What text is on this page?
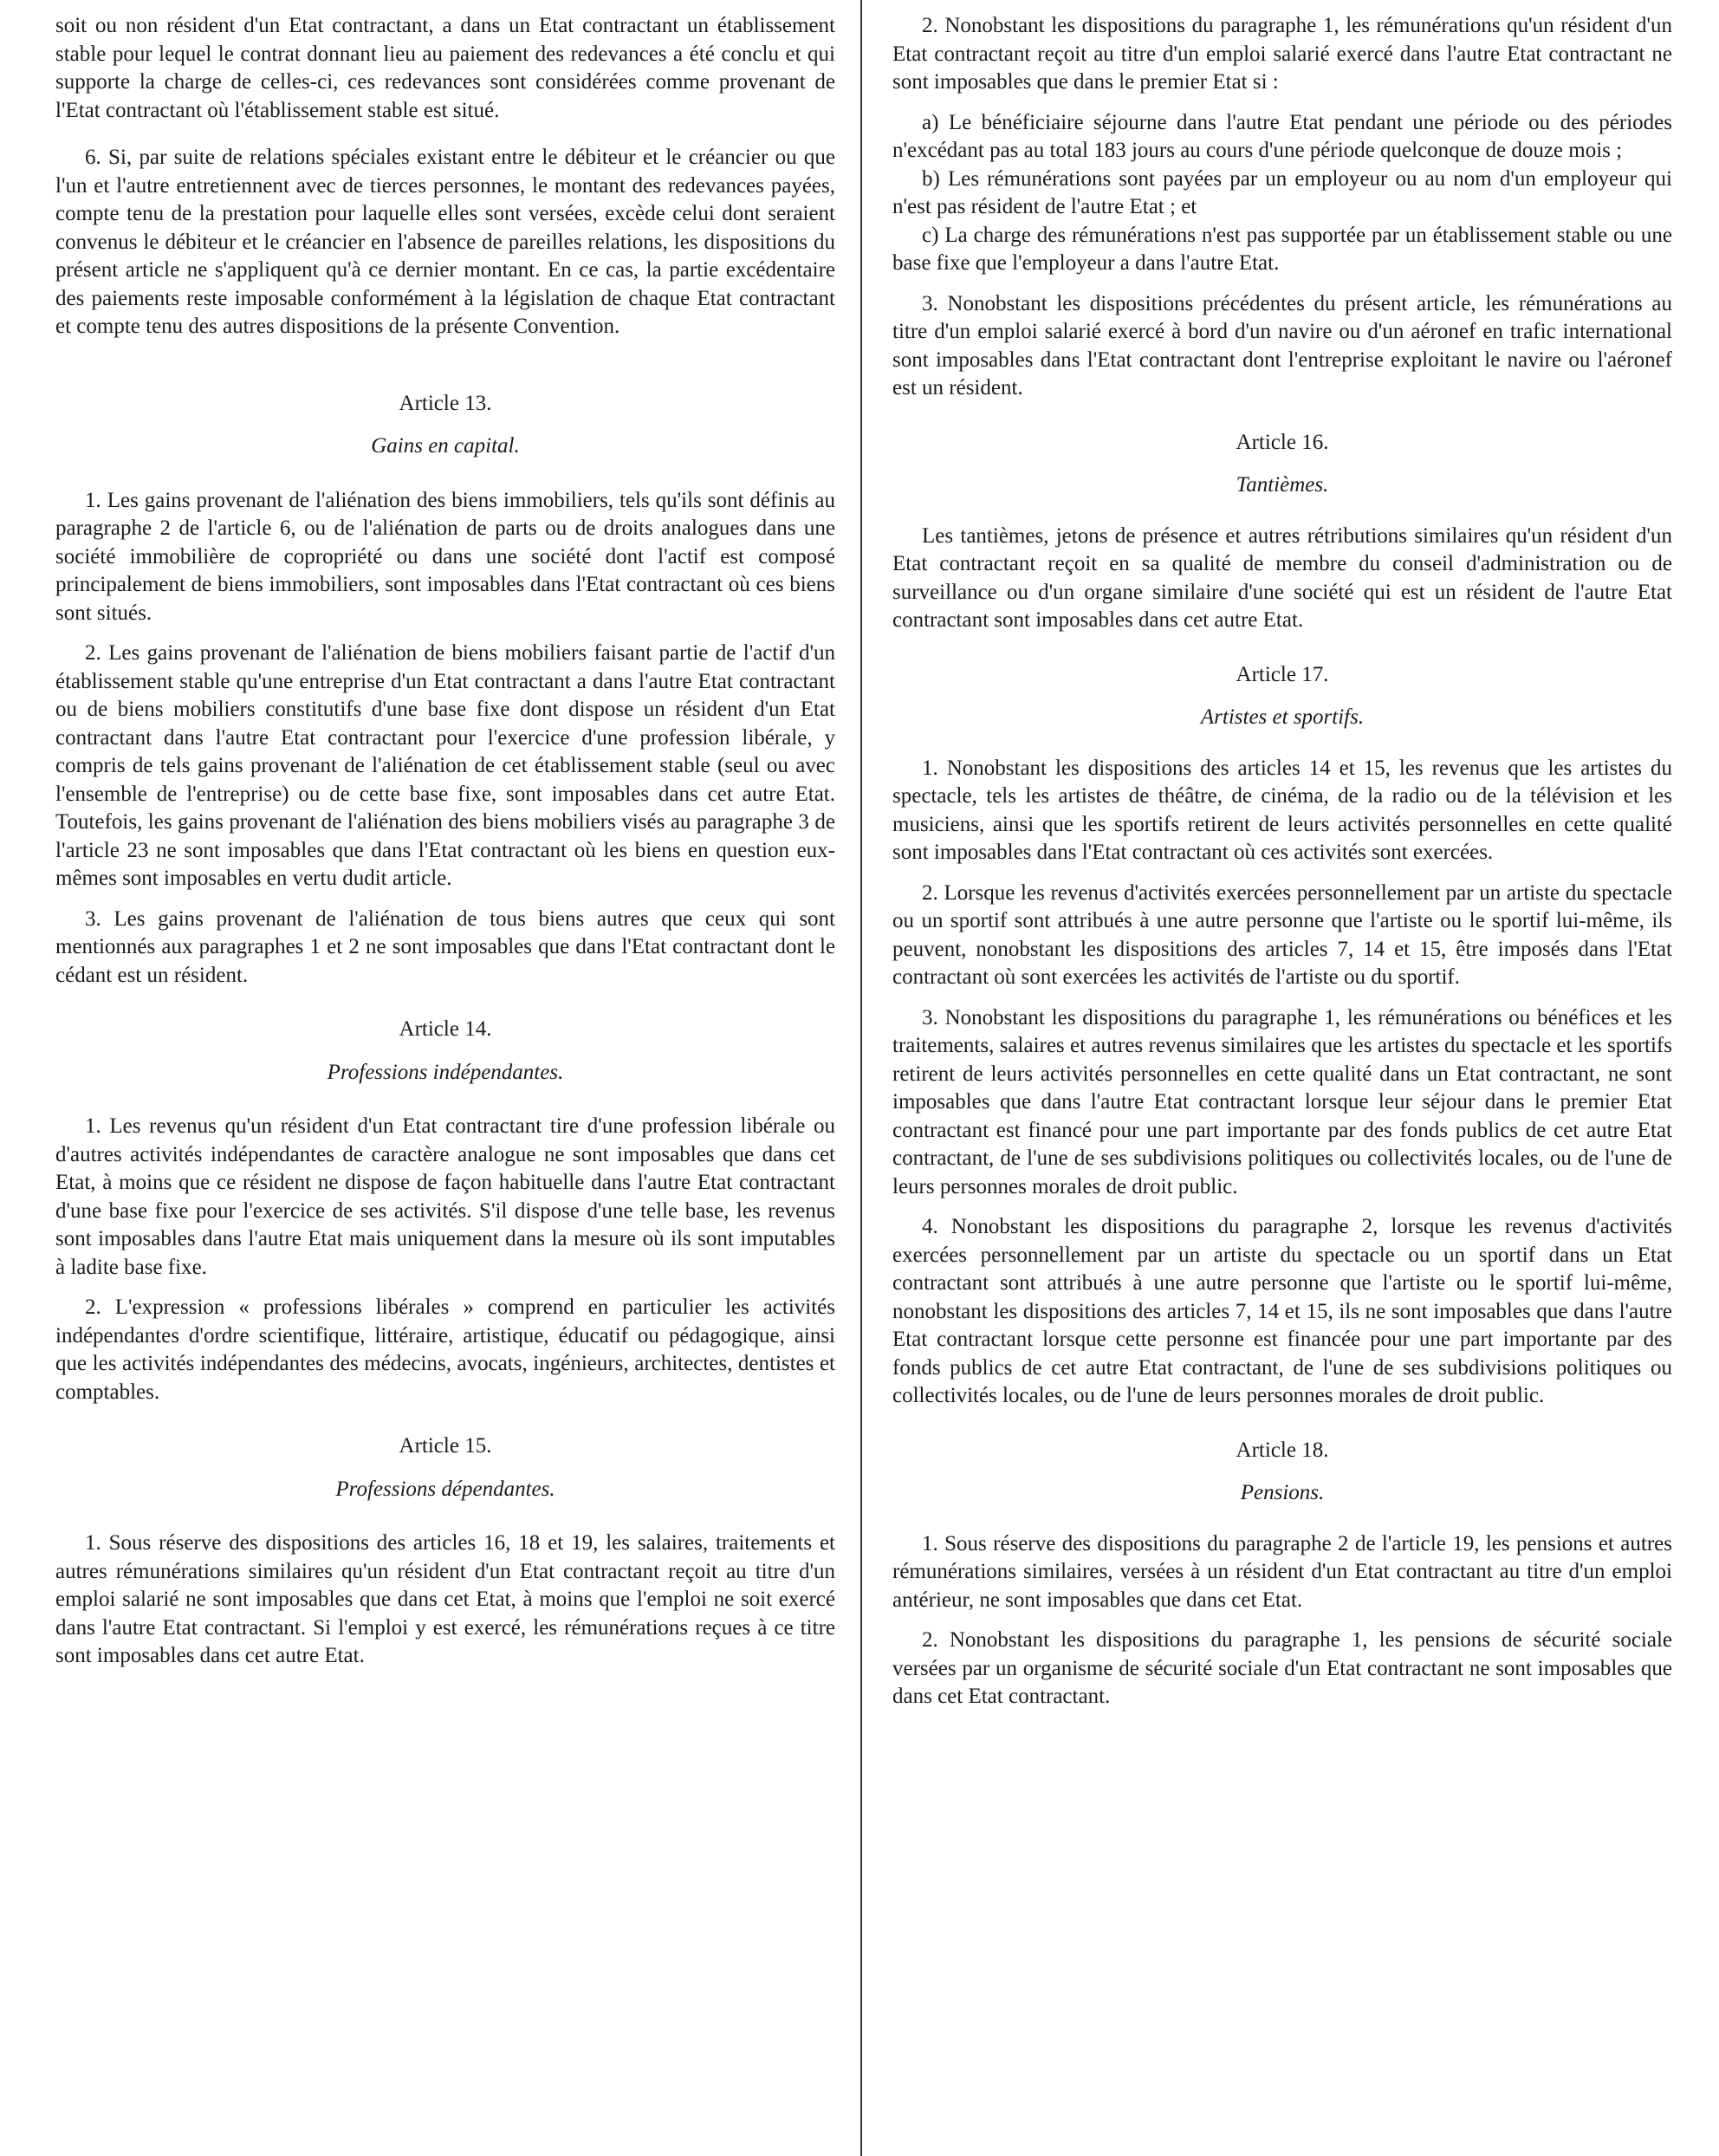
soit ou non résident d'un Etat contractant, a dans un Etat contractant un établissement stable pour lequel le contrat donnant lieu au paiement des redevances a été conclu et qui supporte la charge de celles-ci, ces redevances sont considérées comme provenant de l'Etat contractant où l'établissement stable est situé.

6. Si, par suite de relations spéciales existant entre le débiteur et le créancier ou que l'un et l'autre entretiennent avec de tierces personnes, le montant des redevances payées, compte tenu de la prestation pour laquelle elles sont versées, excède celui dont seraient convenus le débiteur et le créancier en l'absence de pareilles relations, les dispositions du présent article ne s'appliquent qu'à ce dernier montant. En ce cas, la partie excédentaire des paiements reste imposable conformément à la législation de chaque Etat contractant et compte tenu des autres dispositions de la présente Convention.

Article 13.

Gains en capital.

1. Les gains provenant de l'aliénation des biens immobiliers, tels qu'ils sont définis au paragraphe 2 de l'article 6, ou de l'aliénation de parts ou de droits analogues dans une société immobilière de copropriété ou dans une société dont l'actif est composé principalement de biens immobiliers, sont imposables dans l'Etat contractant où ces biens sont situés.

2. Les gains provenant de l'aliénation de biens mobiliers faisant partie de l'actif d'un établissement stable qu'une entreprise d'un Etat contractant a dans l'autre Etat contractant ou de biens mobiliers constitutifs d'une base fixe dont dispose un résident d'un Etat contractant dans l'autre Etat contractant pour l'exercice d'une profession libérale, y compris de tels gains provenant de l'aliénation de cet établissement stable (seul ou avec l'ensemble de l'entreprise) ou de cette base fixe, sont imposables dans cet autre Etat. Toutefois, les gains provenant de l'aliénation des biens mobiliers visés au paragraphe 3 de l'article 23 ne sont imposables que dans l'Etat contractant où les biens en question eux-mêmes sont imposables en vertu dudit article.

3. Les gains provenant de l'aliénation de tous biens autres que ceux qui sont mentionnés aux paragraphes 1 et 2 ne sont imposables que dans l'Etat contractant dont le cédant est un résident.

Article 14.

Professions indépendantes.

1. Les revenus qu'un résident d'un Etat contractant tire d'une profession libérale ou d'autres activités indépendantes de caractère analogue ne sont imposables que dans cet Etat, à moins que ce résident ne dispose de façon habituelle dans l'autre Etat contractant d'une base fixe pour l'exercice de ses activités. S'il dispose d'une telle base, les revenus sont imposables dans l'autre Etat mais uniquement dans la mesure où ils sont imputables à ladite base fixe.

2. L'expression « professions libérales » comprend en particulier les activités indépendantes d'ordre scientifique, littéraire, artistique, éducatif ou pédagogique, ainsi que les activités indépendantes des médecins, avocats, ingénieurs, architectes, dentistes et comptables.

Article 15.

Professions dépendantes.

1. Sous réserve des dispositions des articles 16, 18 et 19, les salaires, traitements et autres rémunérations similaires qu'un résident d'un Etat contractant reçoit au titre d'un emploi salarié ne sont imposables que dans cet Etat, à moins que l'emploi ne soit exercé dans l'autre Etat contractant. Si l'emploi y est exercé, les rémunérations reçues à ce titre sont imposables dans cet autre Etat.

2. Nonobstant les dispositions du paragraphe 1, les rémunérations qu'un résident d'un Etat contractant reçoit au titre d'un emploi salarié exercé dans l'autre Etat contractant ne sont imposables que dans le premier Etat si :

a) Le bénéficiaire séjourne dans l'autre Etat pendant une période ou des périodes n'excédant pas au total 183 jours au cours d'une période quelconque de douze mois ;

b) Les rémunérations sont payées par un employeur ou au nom d'un employeur qui n'est pas résident de l'autre Etat ; et

c) La charge des rémunérations n'est pas supportée par un établissement stable ou une base fixe que l'employeur a dans l'autre Etat.

3. Nonobstant les dispositions précédentes du présent article, les rémunérations au titre d'un emploi salarié exercé à bord d'un navire ou d'un aéronef en trafic international sont imposables dans l'Etat contractant dont l'entreprise exploitant le navire ou l'aéronef est un résident.

Article 16.

Tantièmes.

Les tantièmes, jetons de présence et autres rétributions similaires qu'un résident d'un Etat contractant reçoit en sa qualité de membre du conseil d'administration ou de surveillance ou d'un organe similaire d'une société qui est un résident de l'autre Etat contractant sont imposables dans cet autre Etat.

Article 17.

Artistes et sportifs.

1. Nonobstant les dispositions des articles 14 et 15, les revenus que les artistes du spectacle, tels les artistes de théâtre, de cinéma, de la radio ou de la télévision et les musiciens, ainsi que les sportifs retirent de leurs activités personnelles en cette qualité sont imposables dans l'Etat contractant où ces activités sont exercées.

2. Lorsque les revenus d'activités exercées personnellement par un artiste du spectacle ou un sportif sont attribués à une autre personne que l'artiste ou le sportif lui-même, ils peuvent, nonobstant les dispositions des articles 7, 14 et 15, être imposés dans l'Etat contractant où sont exercées les activités de l'artiste ou du sportif.

3. Nonobstant les dispositions du paragraphe 1, les rémunérations ou bénéfices et les traitements, salaires et autres revenus similaires que les artistes du spectacle et les sportifs retirent de leurs activités personnelles en cette qualité dans un Etat contractant, ne sont imposables que dans l'autre Etat contractant lorsque leur séjour dans le premier Etat contractant est financé pour une part importante par des fonds publics de cet autre Etat contractant, de l'une de ses subdivisions politiques ou collectivités locales, ou de l'une de leurs personnes morales de droit public.

4. Nonobstant les dispositions du paragraphe 2, lorsque les revenus d'activités exercées personnellement par un artiste du spectacle ou un sportif dans un Etat contractant sont attribués à une autre personne que l'artiste ou le sportif lui-même, nonobstant les dispositions des articles 7, 14 et 15, ils ne sont imposables que dans l'autre Etat contractant lorsque cette personne est financée pour une part importante par des fonds publics de cet autre Etat contractant, de l'une de ses subdivisions politiques ou collectivités locales, ou de l'une de leurs personnes morales de droit public.

Article 18.

Pensions.

1. Sous réserve des dispositions du paragraphe 2 de l'article 19, les pensions et autres rémunérations similaires, versées à un résident d'un Etat contractant au titre d'un emploi antérieur, ne sont imposables que dans cet Etat.

2. Nonobstant les dispositions du paragraphe 1, les pensions de sécurité sociale versées par un organisme de sécurité sociale d'un Etat contractant ne sont imposables que dans cet Etat contractant.
